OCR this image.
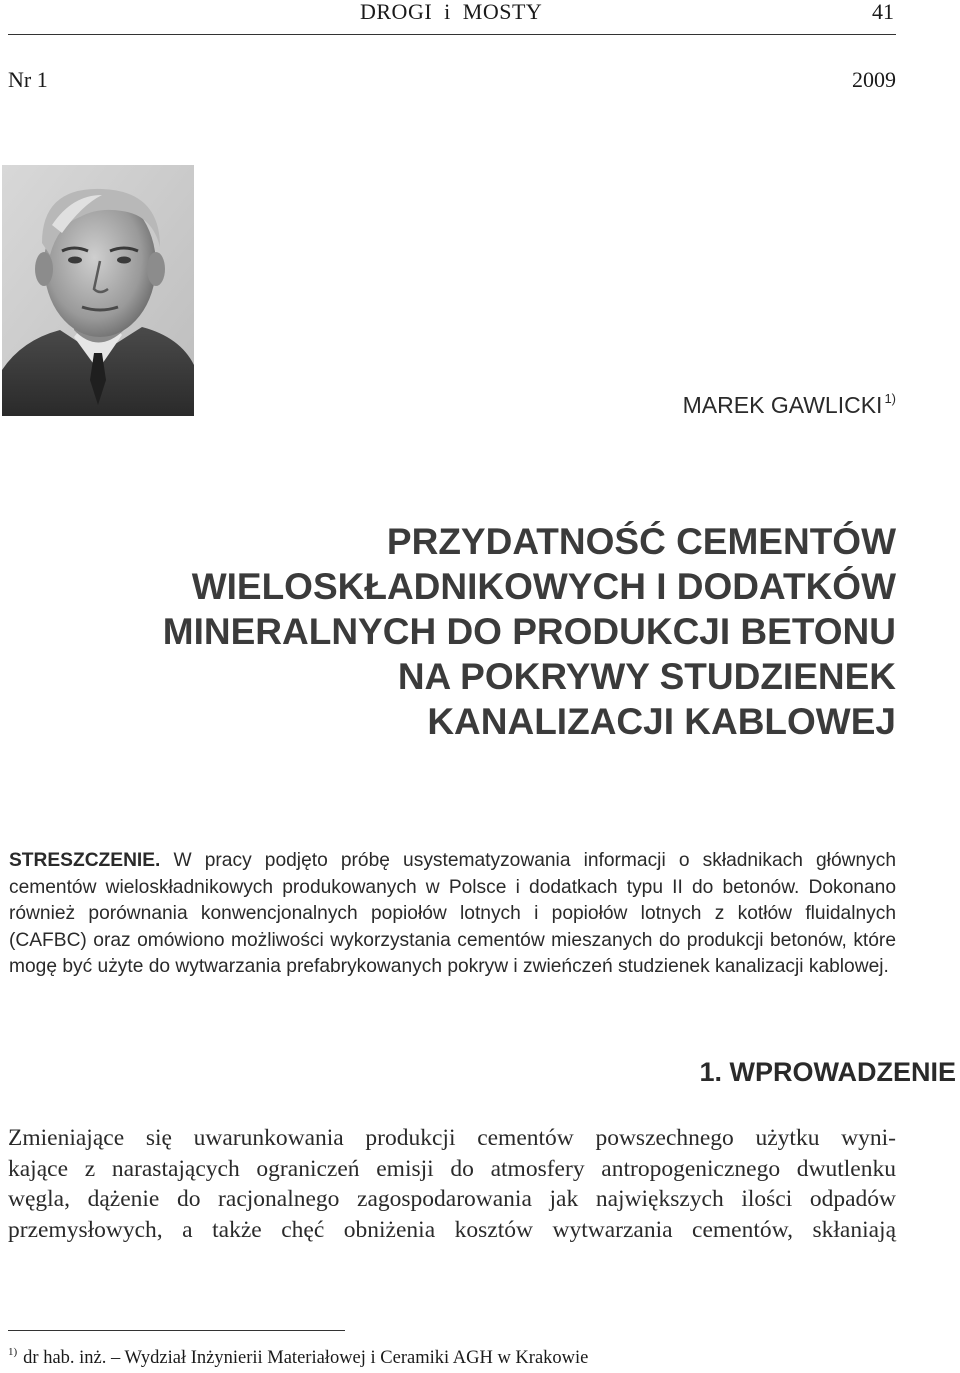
DROGI  i  MOSTY	41
Nr 1	2009
MAREK GAWLICKI $^{1)}$
PRZYDATNOŚĆ CEMENTÓW
WIELOSKŁADNIKOWYCH I DODATKÓW
MINERALNYCH DO PRODUKCJI BETONU
NA POKRYWY STUDZIENEK
KANALIZACJI KABLOWEJ
STRESZCZENIE. W pracy podjęto próbę usystematyzowania informacji o składnikach głównych cementów wieloskładnikowych produkowanych w Polsce i dodatkach typu II do betonów. Dokonano również porównania konwencjonalnych popiołów lotnych i popiołów lotnych z kotłów fluidalnych (CAFBC) oraz omówiono możliwości wykorzystania cementów mieszanych do produkcji betonów, które mogę być użyte do wytwarzania prefabrykowanych pokryw i zwieńczeń studzienek kanalizacji kablowej.
1. WPROWADZENIE
Zmieniające się uwarunkowania produkcji cementów powszechnego użytku wyni-
kające z narastających ograniczeń emisji do atmosfery antropogenicznego dwutlenku
węgla, dążenie do racjonalnego zagospodarowania jak największych ilości odpadów
przemysłowych, a także chęć obniżenia kosztów wytwarzania cementów, skłaniają
$^{1)}$ dr hab. inż. – Wydział Inżynierii Materiałowej i Ceramiki AGH w Krakowie
